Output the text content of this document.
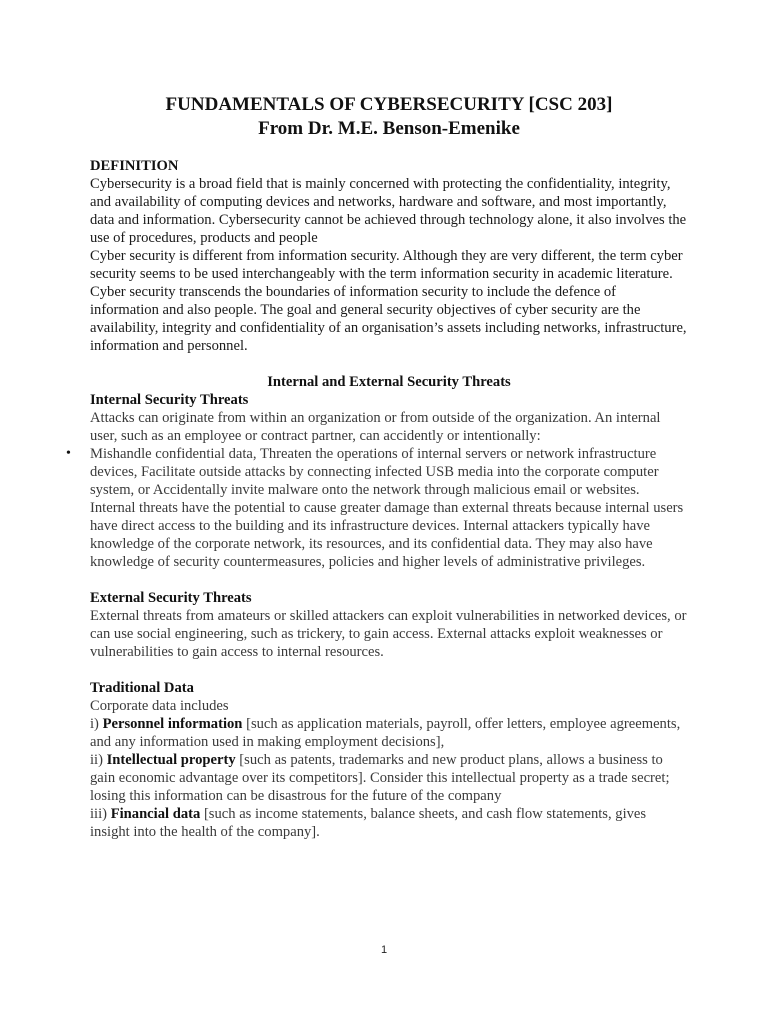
FUNDAMENTALS OF CYBERSECURITY [CSC 203]
From Dr. M.E. Benson-Emenike
DEFINITION
Cybersecurity is a broad field that is mainly concerned with protecting the confidentiality, integrity, and availability of computing devices and networks, hardware and software, and most importantly, data and information. Cybersecurity cannot be achieved through technology alone, it also involves the use of procedures, products and people
Cyber security is different from information security. Although they are very different, the term cyber security seems to be used interchangeably with the term information security in academic literature. Cyber security transcends the boundaries of information security to include the defence of information and also people. The goal and general security objectives of cyber security are the availability, integrity and confidentiality of an organisation’s assets including networks, infrastructure, information and personnel.
Internal and External Security Threats
Internal Security Threats
Attacks can originate from within an organization or from outside of the organization. An internal user, such as an employee or contract partner, can accidently or intentionally:
• Mishandle confidential data, Threaten the operations of internal servers or network infrastructure devices, Facilitate outside attacks by connecting infected USB media into the corporate computer system, or Accidentally invite malware onto the network through malicious email or websites.
Internal threats have the potential to cause greater damage than external threats because internal users have direct access to the building and its infrastructure devices. Internal attackers typically have knowledge of the corporate network, its resources, and its confidential data. They may also have knowledge of security countermeasures, policies and higher levels of administrative privileges.
External Security Threats
External threats from amateurs or skilled attackers can exploit vulnerabilities in networked devices, or can use social engineering, such as trickery, to gain access. External attacks exploit weaknesses or vulnerabilities to gain access to internal resources.
Traditional Data
Corporate data includes
i) Personnel information [such as application materials, payroll, offer letters, employee agreements, and any information used in making employment decisions],
ii) Intellectual property [such as patents, trademarks and new product plans, allows a business to gain economic advantage over its competitors]. Consider this intellectual property as a trade secret; losing this information can be disastrous for the future of the company
iii) Financial data [such as income statements, balance sheets, and cash flow statements, gives insight into the health of the company].
1
